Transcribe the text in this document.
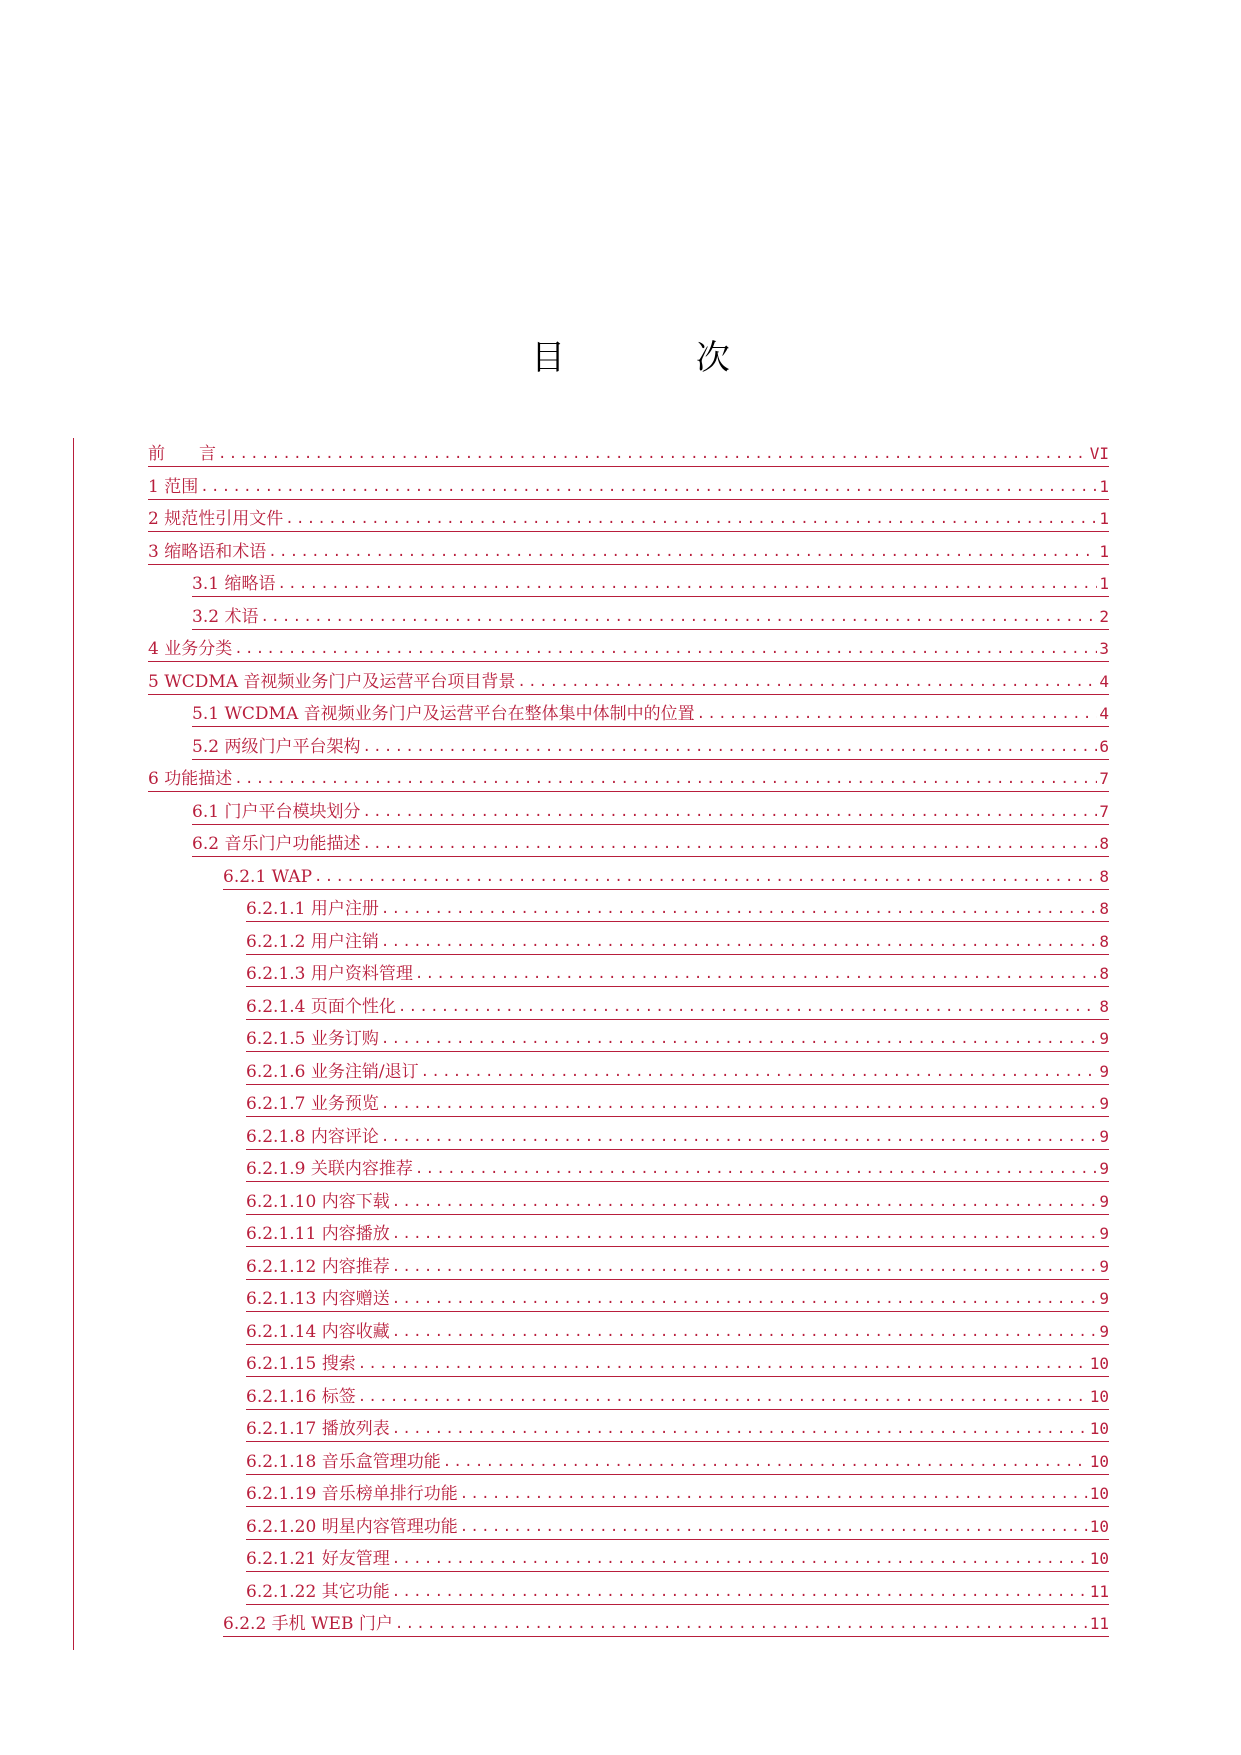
目 次
前　　言 .....	VI
1 范围 .....	1
2 规范性引用文件 .....	1
3 缩略语和术语 .....	1
3.1 缩略语 .....	1
3.2 术语 .....	2
4 业务分类 .....	3
5 WCDMA 音视频业务门户及运营平台项目背景 .....	4
5.1 WCDMA 音视频业务门户及运营平台在整体集中体制中的位置 .....	4
5.2 两级门户平台架构 .....	6
6 功能描述 .....	7
6.1 门户平台模块划分 .....	7
6.2 音乐门户功能描述 .....	8
6.2.1 WAP .....	8
6.2.1.1 用户注册 .....	8
6.2.1.2 用户注销 .....	8
6.2.1.3 用户资料管理 .....	8
6.2.1.4 页面个性化 .....	8
6.2.1.5 业务订购 .....	9
6.2.1.6 业务注销/退订 .....	9
6.2.1.7 业务预览 .....	9
6.2.1.8 内容评论 .....	9
6.2.1.9 关联内容推荐 .....	9
6.2.1.10 内容下载 .....	9
6.2.1.11 内容播放 .....	9
6.2.1.12 内容推荐 .....	9
6.2.1.13 内容赠送 .....	9
6.2.1.14 内容收藏 .....	9
6.2.1.15 搜索 .....	10
6.2.1.16 标签 .....	10
6.2.1.17 播放列表 .....	10
6.2.1.18 音乐盒管理功能 .....	10
6.2.1.19 音乐榜单排行功能 .....	10
6.2.1.20 明星内容管理功能 .....	10
6.2.1.21 好友管理 .....	10
6.2.1.22 其它功能 .....	11
6.2.2 手机 WEB 门户 .....	11
